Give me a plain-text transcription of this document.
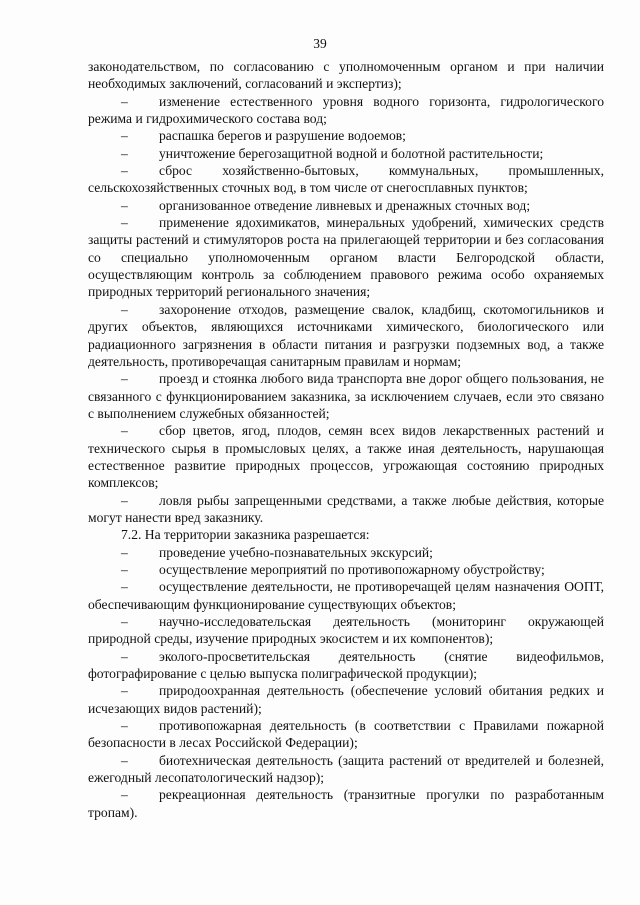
39

законодательством, по согласованию с уполномоченным органом и при наличии необходимых заключений, согласований и экспертиз);

– изменение естественного уровня водного горизонта, гидрологического режима и гидрохимического состава вод;

– распашка берегов и разрушение водоемов;

– уничтожение берегозащитной водной и болотной растительности;

– сброс хозяйственно-бытовых, коммунальных, промышленных, сельскохозяйственных сточных вод, в том числе от снегосплавных пунктов;

– организованное отведение ливневых и дренажных сточных вод;

– применение ядохимикатов, минеральных удобрений, химических средств защиты растений и стимуляторов роста на прилегающей территории и без согласования со специально уполномоченным органом власти Белгородской области, осуществляющим контроль за соблюдением правового режима особо охраняемых природных территорий регионального значения;

– захоронение отходов, размещение свалок, кладбищ, скотомогильников и других объектов, являющихся источниками химического, биологического или радиационного загрязнения в области питания и разгрузки подземных вод, а также деятельность, противоречащая санитарным правилам и нормам;

– проезд и стоянка любого вида транспорта вне дорог общего пользования, не связанного с функционированием заказника, за исключением случаев, если это связано с выполнением служебных обязанностей;

– сбор цветов, ягод, плодов, семян всех видов лекарственных растений и технического сырья в промысловых целях, а также иная деятельность, нарушающая естественное развитие природных процессов, угрожающая состоянию природных комплексов;

– ловля рыбы запрещенными средствами, а также любые действия, которые могут нанести вред заказнику.

7.2. На территории заказника разрешается:

– проведение учебно-познавательных экскурсий;

– осуществление мероприятий по противопожарному обустройству;

– осуществление деятельности, не противоречащей целям назначения ООПТ, обеспечивающим функционирование существующих объектов;

– научно-исследовательская деятельность (мониторинг окружающей природной среды, изучение природных экосистем и их компонентов);

– эколого-просветительская деятельность (снятие видеофильмов, фотографирование с целью выпуска полиграфической продукции);

– природоохранная деятельность (обеспечение условий обитания редких и исчезающих видов растений);

– противопожарная деятельность (в соответствии с Правилами пожарной безопасности в лесах Российской Федерации);

– биотехническая деятельность (защита растений от вредителей и болезней, ежегодный лесопатологический надзор);

– рекреационная деятельность (транзитные прогулки по разработанным тропам).
